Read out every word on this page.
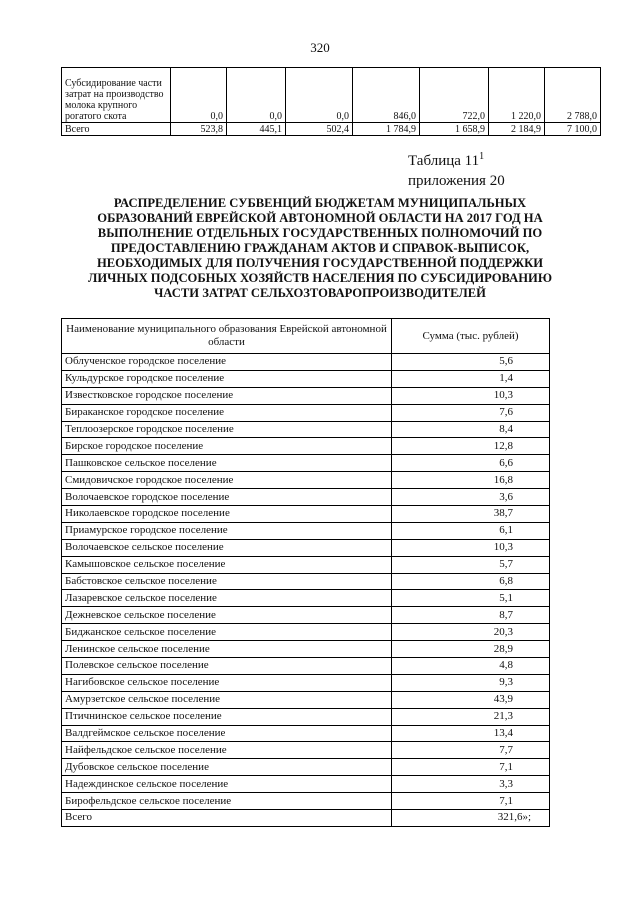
320
Субсидирование части
затрат на производство
молока крупного
рогатого скота	0,0	0,0	0,0	846,0	722,0	1 220,0	2 788,0
Всего	523,8	445,1	502,4	1 784,9	1 658,9	2 184,9	7 100,0
Таблица $11^1$
приложения 20
РАСПРЕДЕЛЕНИЕ СУБВЕНЦИЙ БЮДЖЕТАМ МУНИЦИПАЛЬНЫХ
ОБРАЗОВАНИЙ ЕВРЕЙСКОЙ АВТОНОМНОЙ ОБЛАСТИ НА 2017 ГОД НА
ВЫПОЛНЕНИЕ ОТДЕЛЬНЫХ ГОСУДАРСТВЕННЫХ ПОЛНОМОЧИЙ ПО
ПРЕДОСТАВЛЕНИЮ ГРАЖДАНАМ АКТОВ И СПРАВОК-ВЫПИСОК,
НЕОБХОДИМЫХ ДЛЯ ПОЛУЧЕНИЯ ГОСУДАРСТВЕННОЙ ПОДДЕРЖКИ
ЛИЧНЫХ ПОДСОБНЫХ ХОЗЯЙСТВ НАСЕЛЕНИЯ ПО СУБСИДИРОВАНИЮ
ЧАСТИ ЗАТРАТ СЕЛЬХОЗТОВАРОПРОИЗВОДИТЕЛЕЙ
Наименование муниципального образования Еврейской автономной области	Сумма (тыс. рублей)
Облученское городское поселение	5,6
Кульдурское городское поселение	1,4
Известковское городское поселение	10,3
Бираканское городское поселение	7,6
Теплоозерское городское поселение	8,4
Бирское городское поселение	12,8
Пашковское сельское поселение	6,6
Смидовичское городское поселение	16,8
Волочаевское городское поселение	3,6
Николаевское городское поселение	38,7
Приамурское городское поселение	6,1
Волочаевское сельское поселение	10,3
Камышовское сельское поселение	5,7
Бабстовское сельское поселение	6,8
Лазаревское сельское поселение	5,1
Дежневское сельское поселение	8,7
Биджанское сельское поселение	20,3
Ленинское сельское поселение	28,9
Полевское сельское поселение	4,8
Нагибовское сельское поселение	9,3
Амурзетское сельское поселение	43,9
Птичнинское сельское поселение	21,3
Валдгеймское сельское поселение	13,4
Найфельдское сельское поселение	7,7
Дубовское сельское поселение	7,1
Надеждинское сельское поселение	3,3
Бирофельдское сельское поселение	7,1
Всего	321,6»;
